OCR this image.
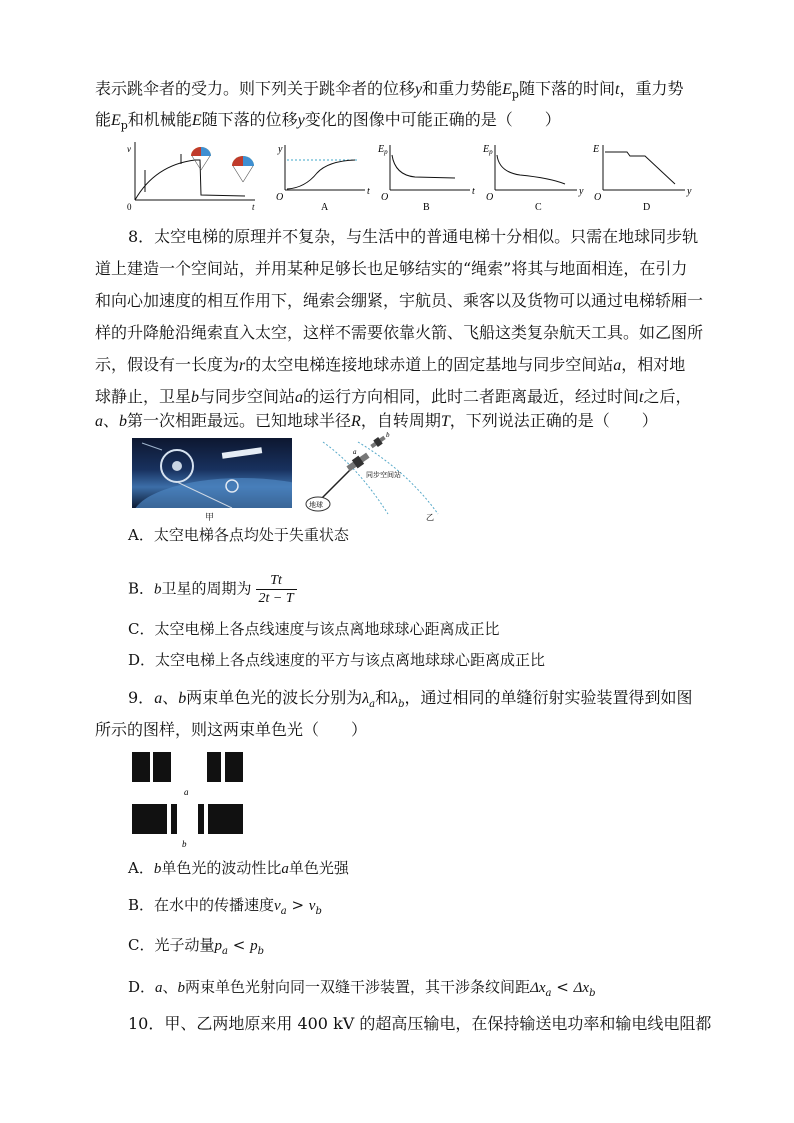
表示跳伞者的受力。则下列关于跳伞者的位移y和重力势能$E_p$随下落的时间t，重力势
能$E_p$和机械能E随下落的位移y变化的图像中可能正确的是（　　）
v
0	t
y
O
t
A
$E_p$
O
t
B
$E_p$
O
y
C
E
O
y
D
8．太空电梯的原理并不复杂，与生活中的普通电梯十分相似。只需在地球同步轨
道上建造一个空间站，并用某种足够长也足够结实的“绳索”将其与地面相连，在引力
和向心加速度的相互作用下，绳索会绷紧，宇航员、乘客以及货物可以通过电梯轿厢一
样的升降舱沿绳索直入太空，这样不需要依靠火箭、飞船这类复杂航天工具。如乙图所
示，假设有一长度为r的太空电梯连接地球赤道上的固定基地与同步空间站a，相对地
球静止，卫星b与同步空间站a的运行方向相同，此时二者距离最近，经过时间t之后，
a、b第一次相距最远。已知地球半径R，自转周期T，下列说法正确的是（　　）
甲
地球
同步空间站
b
a
乙
A．太空电梯各点均处于失重状态
B．b卫星的周期为 $\frac{Tt}{2t - T}$
C．太空电梯上各点线速度与该点离地球球心距离成正比
D．太空电梯上各点线速度的平方与该点离地球球心距离成正比
9．a、b两束单色光的波长分别为$\lambda_a$和$\lambda_b$，通过相同的单缝衍射实验装置得到如图
所示的图样，则这两束单色光（　　）
a
b
A．b单色光的波动性比a单色光强
B．在水中的传播速度$v_a > v_b$
C．光子动量$p_a < p_b$
D．a、b两束单色光射向同一双缝干涉装置，其干涉条纹间距$\Delta x_a < \Delta x_b$
10．甲、乙两地原来用 400 kV 的超高压输电，在保持输送电功率和输电线电阻都
